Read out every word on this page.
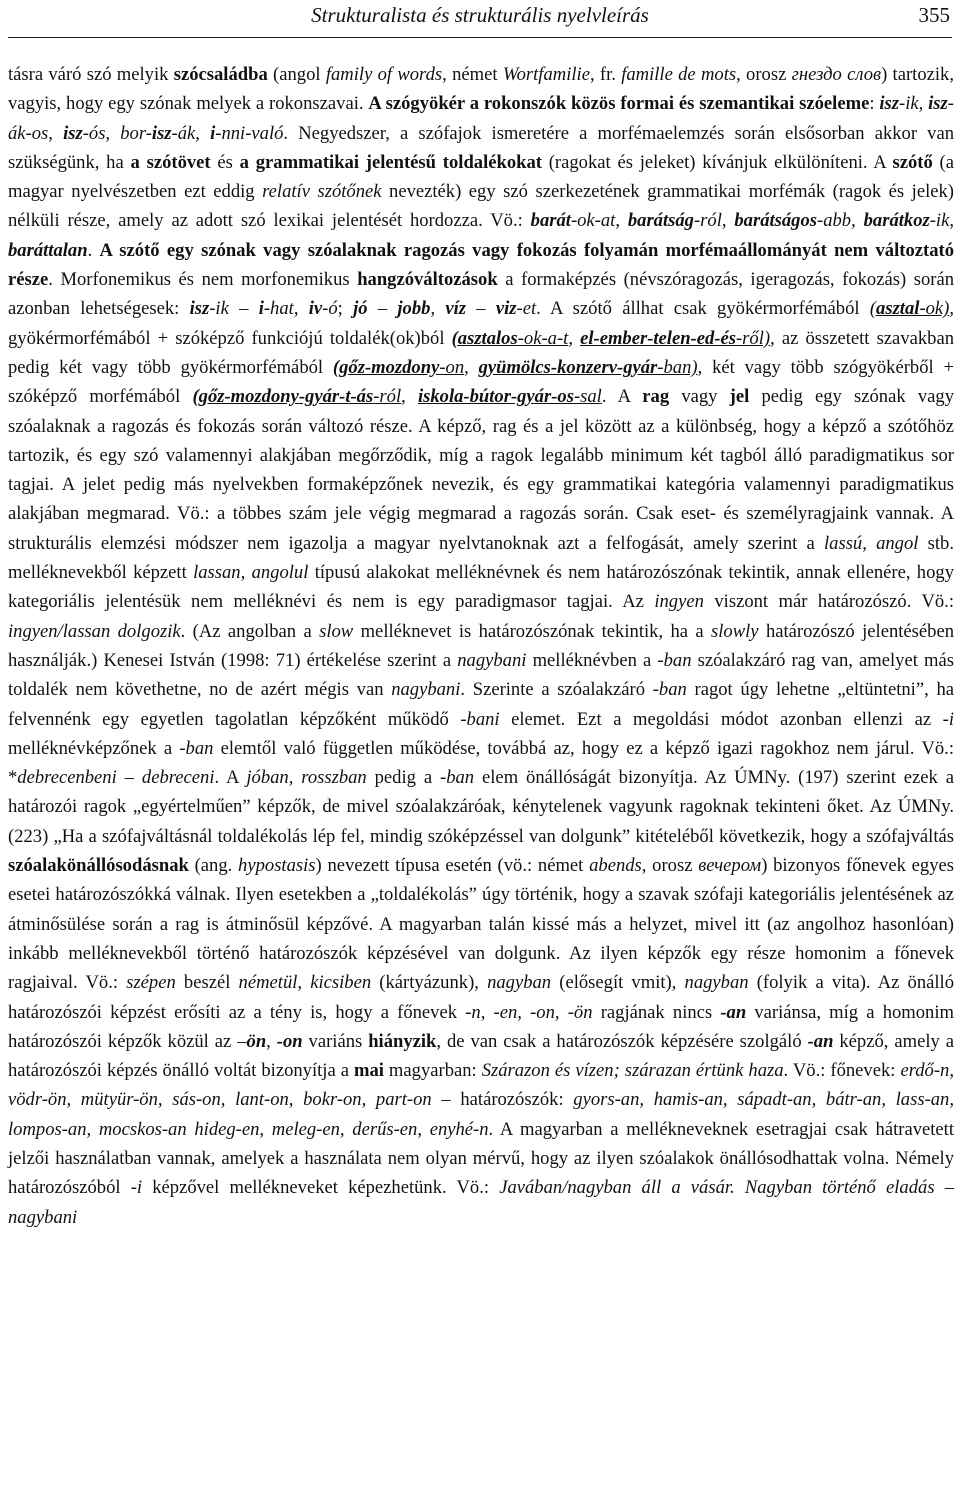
Strukturalista és strukturális nyelvleírás	355
tásra váró szó melyik szócsaládba (angol family of words, német Wortfamilie, fr. famille de mots, orosz гнездо слов) tartozik, vagyis, hogy egy szónak melyek a rokonszavai. A szógyökér a rokonszók közös formai és szemantikai szóeleme: isz-ik, isz-ák-os, isz-ós, bor-isz-ák, i-nni-való. Negyedszer, a szófajok ismeretére a morfémaelemzés során elsősorban akkor van szükségünk, ha a szótövet és a grammatikai jelentésű toldalékokat (ragokat és jeleket) kívánjuk elkülöníteni. A szótő (a magyar nyelvészetben ezt eddig relatív szótőnek nevezték) egy szó szerkezetének grammatikai morfémák (ragok és jelek) nélküli része, amely az adott szó lexikai jelentését hordozza. Vö.: barát-ok-at, barátság-ról, barátságos-abb, barátkoz-ik, baráttalan. A szótő egy szónak vagy szóalaknak ragozás vagy fokozás folyamán morfémaállományát nem változtató része. Morfonemikus és nem morfonemikus hangzóváltozások a formaképzés (névszóragozás, igeragozás, fokozás) során azonban lehetségesek: isz-ik – i-hat, iv-ó; jó – jobb, víz – viz-et. A szótő állhat csak gyökérmorfémából (asztal-ok), gyökérmorfémából + szóképző funkciójú toldalék(ok)ból (asztalos-ok-a-t, el-ember-telen-ed-és-ről), az összetett szavakban pedig két vagy több gyökérmorfémából (gőz-mozdony-on, gyümölcs-konzerv-gyár-ban), két vagy több szógyökérből + szóképző morfémából (gőz-mozdony-gyár-t-ás-ról, iskola-bútor-gyár-os-sal. A rag vagy jel pedig egy szónak vagy szóalaknak a ragozás és fokozás során változó része. A képző, rag és a jel között az a különbség, hogy a képző a szótőhöz tartozik, és egy szó valamennyi alakjában megőrződik, míg a ragok legalább minimum két tagból álló paradigmatikus sor tagjai. A jelet pedig más nyelvekben formaképzőnek nevezik, és egy grammatikai kategória valamennyi paradigmatikus alakjában megmarad. Vö.: a többes szám jele végig megmarad a ragozás során. Csak eset- és személyragjaink vannak. A strukturális elemzési módszer nem igazolja a magyar nyelvtanoknak azt a felfogását, amely szerint a lassú, angol stb. melléknevekből képzett lassan, angolul típusú alakokat melléknévnek és nem határozószónak tekintik, annak ellenére, hogy kategoriális jelentésük nem melléknévi és nem is egy paradigmasor tagjai. Az ingyen viszont már határozószó. Vö.: ingyen/lassan dolgozik. (Az angolban a slow melléknevet is határozószónak tekintik, ha a slowly határozószó jelentésében használják.) Kenesei István (1998: 71) értékelése szerint a nagybani melléknévben a -ban szóalakzáró rag van, amelyet más toldalék nem követhetne, no de azért mégis van nagybani. Szerinte a szóalakzáró -ban ragot úgy lehetne „eltüntetni”, ha felvennénk egy egyetlen tagolatlan képzőként működő -bani elemet. Ezt a megoldási módot azonban ellenzi az -i melléknévképzőnek a -ban elemtől való független működése, továbbá az, hogy ez a képző igazi ragokhoz nem járul. Vö.: *debrecenbeni – debreceni. A jóban, rosszban pedig a -ban elem önállóságát bizonyítja. Az ÚMNy. (197) szerint ezek a határozói ragok „egyértelműen” képzők, de mivel szóalakzáróak, kénytelenek vagyunk ragoknak tekinteni őket. Az ÚMNy. (223) „Ha a szófajváltásnál toldalékolás lép fel, mindig szóképzéssel van dolgunk” kitételéből következik, hogy a szófajváltás szóalakönállósodásnak (ang. hypostasis) nevezett típusa esetén (vö.: német abends, orosz вечером) bizonyos főnevek egyes esetei határozószókká válnak. Ilyen esetekben a „toldalékolás” úgy történik, hogy a szavak szófaji kategoriális jelentésének az átminősülése során a rag is átminősül képzővé. A magyarban talán kissé más a helyzet, mivel itt (az angolhoz hasonlóan) inkább melléknevekből történő határozószók képzésével van dolgunk. Az ilyen képzők egy része homonim a főnevek ragjaival. Vö.: szépen beszél németül, kicsiben (kártyázunk), nagyban (elősegít vmit), nagyban (folyik a vita). Az önálló határozószói képzést erősíti az a tény is, hogy a főnevek -n, -en, -on, -ön ragjának nincs -an variánsa, míg a homonim határozószói képzők közül az –ön, -on variáns hiányzik, de van csak a határozószók képzésére szolgáló -an képző, amely a határozószói képzés önálló voltát bizonyítja a mai magyarban: Szárazon és vízen; szárazan értünk haza. Vö.: főnevek: erdő-n, vödr-ön, mütyür-ön, sás-on, lant-on, bokr-on, part-on – határozószók: gyors-an, hamis-an, sápadt-an, bátr-an, lass-an, lompos-an, mocskos-an hideg-en, meleg-en, derűs-en, enyhé-n. A magyarban a mellékneveknek esetragjai csak hátravetett jelzői használatban vannak, amelyek a használata nem olyan mérvű, hogy az ilyen szóalakok önállósodhattak volna. Némely határozószóból -i képzővel mellékneveket képezhetünk. Vö.: Javában/nagyban áll a vásár. Nagyban történő eladás – nagybani
